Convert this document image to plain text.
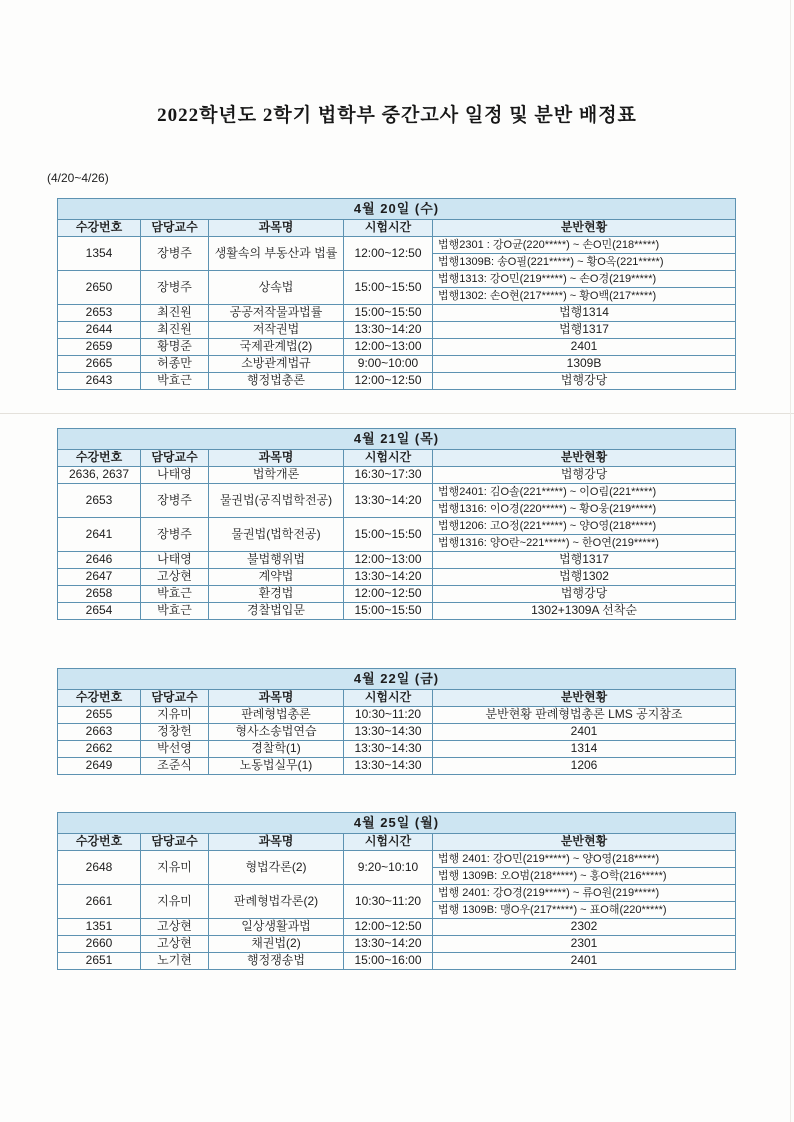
2022학년도 2학기 법학부 중간고사 일정 및 분반 배정표
(4/20~4/26)
4월 20일 (수)				
수강번호	담당교수	과목명	시험시간	분반현황
1354	장병주	생활속의 부동산과 법률	12:00~12:50	법행2301 : 강O균(220*****) ~ 손O민(218*****)
				법행1309B: 송O필(221*****) ~ 황O옥(221*****)
2650	장병주	상속법	15:00~15:50	법행1313: 강O민(219*****) ~ 손O경(219*****)
				법행1302: 손O현(217*****) ~ 황O백(217*****)
2653	최진원	공공저작물과법률	15:00~15:50	법행1314
2644	최진원	저작권법	13:30~14:20	법행1317
2659	황명준	국제관계법(2)	12:00~13:00	2401
2665	허종만	소방관계법규	9:00~10:00	1309B
2643	박효근	행정법총론	12:00~12:50	법행강당
4월 21일 (목)				
수강번호	담당교수	과목명	시험시간	분반현황
2636, 2637	나태영	법학개론	16:30~17:30	법행강당
2653	장병주	물권법(공직법학전공)	13:30~14:20	법행2401: 김O솔(221*****) ~ 이O림(221*****)
				법행1316: 이O경(220*****) ~ 황O웅(219*****)
2641	장병주	물권법(법학전공)	15:00~15:50	법행1206: 고O정(221*****) ~ 양O영(218*****)
				법행1316: 양O란~221*****) ~ 한O연(219*****)
2646	나태영	불법행위법	12:00~13:00	법행1317
2647	고상현	계약법	13:30~14:20	법행1302
2658	박효근	환경법	12:00~12:50	법행강당
2654	박효근	경찰법입문	15:00~15:50	1302+1309A 선착순
4월 22일 (금)				
수강번호	담당교수	과목명	시험시간	분반현황
2655	지유미	판례형법총론	10:30~11:20	분반현황 판례형법총론 LMS 공지참조
2663	정창헌	형사소송법연습	13:30~14:30	2401
2662	박선영	경찰학(1)	13:30~14:30	1314
2649	조준식	노동법실무(1)	13:30~14:30	1206
4월 25일 (월)				
수강번호	담당교수	과목명	시험시간	분반현황
2648	지유미	형법각론(2)	9:20~10:10	법행 2401: 강O민(219*****) ~ 양O영(218*****)
				법행 1309B: 오O범(218*****) ~ 홍O학(216*****)
2661	지유미	판례형법각론(2)	10:30~11:20	법행 2401: 강O경(219*****) ~ 류O원(219*****)
				법행 1309B: 맹O우(217*****) ~ 표O해(220*****)
1351	고상현	일상생활과법	12:00~12:50	2302
2660	고상현	채권법(2)	13:30~14:20	2301
2651	노기현	행정쟁송법	15:00~16:00	2401
